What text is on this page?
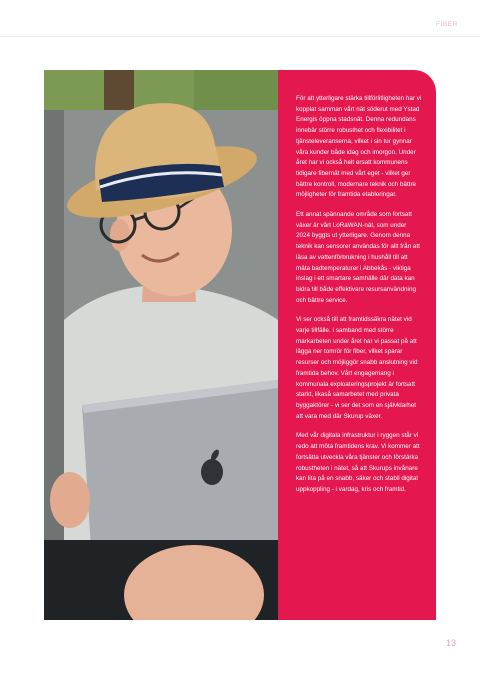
FIBER

För att ytterligare stärka tillförlitligheten har vi kopplat samman vårt nät söderut med Ystad Energis öppna stadsnät. Denna redundans innebär större robusthet och flexibilitet i tjänsteleveranserna, vilket i sin tur gynnar våra kunder både idag och imorgon. Under året har vi också helt ersatt kommunens tidigare fibernät med vårt eget - vilket ger bättre kontroll, modernare teknik och bättre möjligheter för framtida etableringar.

Ett annat spännande område som fortsatt växer är vårt LoRaWAN-nät, som under 2024 byggts ut ytterligare. Genom denna teknik kan sensorer användas för allt från att läsa av vattenförbrukning i hushåll till att mäta badtemperaturer i Abbekås - viktiga inslag i ett smartare samhälle där data kan bidra till både effektivare resursanvändning och bättre service.

Vi ser också till att framtidssäkra nätet vid varje tillfälle. I samband med större markarbeten under året har vi passat på att lägga ner tomrör för fiber, vilket sparar resurser och möjliggör snabb anslutning vid framtida behov. Vårt engagemang i kommunala exploateringsprojekt är fortsatt starkt, likaså samarbetet med privata byggaktörer - vi ser det som en självklarhet att vara med där Skurup växer.

Med vår digitala infrastruktur i ryggen står vi redo att möta framtidens krav. Vi kommer att fortsätta utveckla våra tjänster och förstärka robustheten i nätet, så att Skurups invånare kan lita på en snabb, säker och stabil digital uppkoppling - i vardag, kris och framtid.

13
